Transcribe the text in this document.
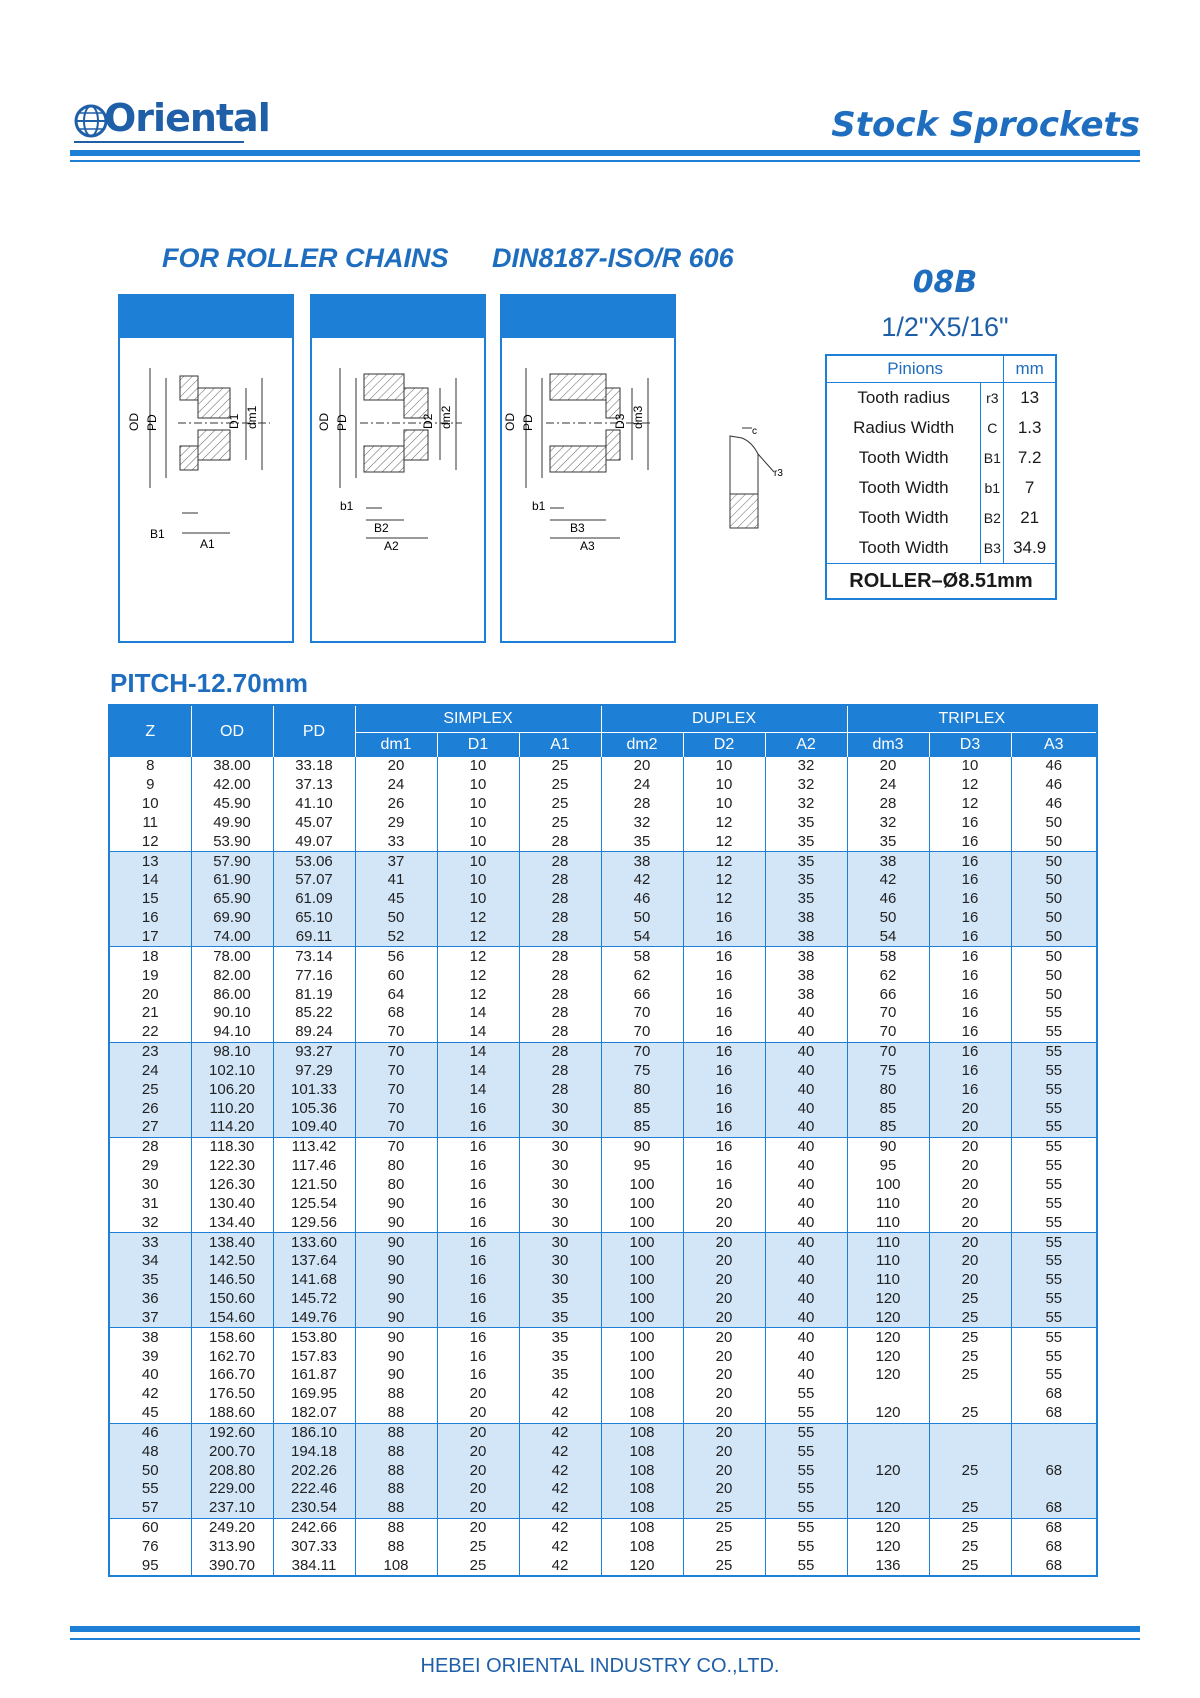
Oriental	Stock Sprockets
FOR ROLLER CHAINS DIN8187-ISO/R 606
08B
1/2"X5/16"
B1
A1
OD PD	D1 dm1
b1
B2
A2
OD PD	D2 dm2
b1
B3
A3
OD PD	D3 dm3
c
r3
Pinions		mm
Tooth radius	r3	13
Radius Width	C	1.3
Tooth Width	B1	7.2
Tooth Width	b1	7
Tooth Width	B2	21
Tooth Width	B3	34.9
ROLLER–Ø8.51mm		
PITCH-12.70mm
Z	OD	PD	SIMPLEX			DUPLEX			TRIPLEX		
			dm1	D1	A1	dm2	D2	A2	dm3	D3	A3
8	38.00	33.18	20	10	25	20	10	32	20	10	46
9	42.00	37.13	24	10	25	24	10	32	24	12	46
10	45.90	41.10	26	10	25	28	10	32	28	12	46
11	49.90	45.07	29	10	25	32	12	35	32	16	50
12	53.90	49.07	33	10	28	35	12	35	35	16	50
13	57.90	53.06	37	10	28	38	12	35	38	16	50
14	61.90	57.07	41	10	28	42	12	35	42	16	50
15	65.90	61.09	45	10	28	46	12	35	46	16	50
16	69.90	65.10	50	12	28	50	16	38	50	16	50
17	74.00	69.11	52	12	28	54	16	38	54	16	50
18	78.00	73.14	56	12	28	58	16	38	58	16	50
19	82.00	77.16	60	12	28	62	16	38	62	16	50
20	86.00	81.19	64	12	28	66	16	38	66	16	50
21	90.10	85.22	68	14	28	70	16	40	70	16	55
22	94.10	89.24	70	14	28	70	16	40	70	16	55
23	98.10	93.27	70	14	28	70	16	40	70	16	55
24	102.10	97.29	70	14	28	75	16	40	75	16	55
25	106.20	101.33	70	14	28	80	16	40	80	16	55
26	110.20	105.36	70	16	30	85	16	40	85	20	55
27	114.20	109.40	70	16	30	85	16	40	85	20	55
28	118.30	113.42	70	16	30	90	16	40	90	20	55
29	122.30	117.46	80	16	30	95	16	40	95	20	55
30	126.30	121.50	80	16	30	100	16	40	100	20	55
31	130.40	125.54	90	16	30	100	20	40	110	20	55
32	134.40	129.56	90	16	30	100	20	40	110	20	55
33	138.40	133.60	90	16	30	100	20	40	110	20	55
34	142.50	137.64	90	16	30	100	20	40	110	20	55
35	146.50	141.68	90	16	30	100	20	40	110	20	55
36	150.60	145.72	90	16	35	100	20	40	120	25	55
37	154.60	149.76	90	16	35	100	20	40	120	25	55
38	158.60	153.80	90	16	35	100	20	40	120	25	55
39	162.70	157.83	90	16	35	100	20	40	120	25	55
40	166.70	161.87	90	16	35	100	20	40	120	25	55
42	176.50	169.95	88	20	42	108	20	55			68
45	188.60	182.07	88	20	42	108	20	55	120	25	68
46	192.60	186.10	88	20	42	108	20	55			
48	200.70	194.18	88	20	42	108	20	55			
50	208.80	202.26	88	20	42	108	20	55	120	25	68
55	229.00	222.46	88	20	42	108	20	55			
57	237.10	230.54	88	20	42	108	25	55	120	25	68
60	249.20	242.66	88	20	42	108	25	55	120	25	68
76	313.90	307.33	88	25	42	108	25	55	120	25	68
95	390.70	384.11	108	25	42	120	25	55	136	25	68
HEBEI ORIENTAL INDUSTRY CO.,LTD.
